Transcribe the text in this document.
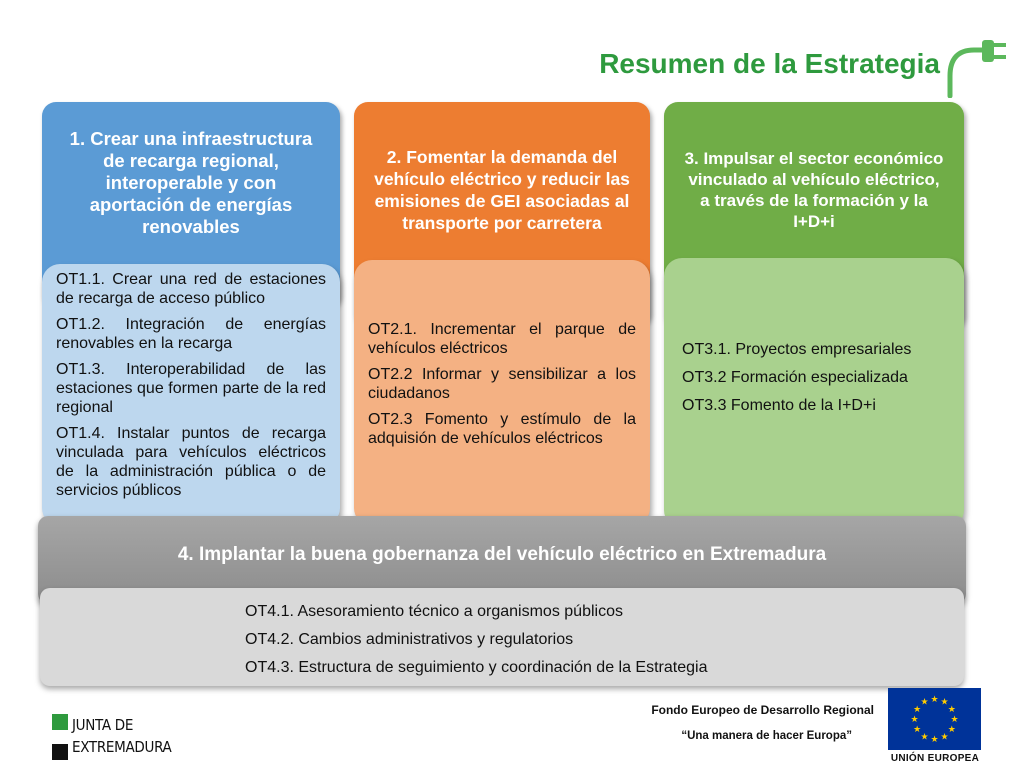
Resumen de la Estrategia
1. Crear una infraestructura
de recarga regional,
interoperable y con
aportación de energías
renovables

OT1.1. Crear una red de estaciones de recarga de acceso público

OT1.2. Integración de energías renovables en la recarga

OT1.3. Interoperabilidad de las estaciones que formen parte de la red regional

OT1.4. Instalar puntos de recarga vinculada para vehículos eléctricos de la administración pública o de servicios públicos

2. Fomentar la demanda del
vehículo eléctrico y reducir las
emisiones de GEI asociadas al
transporte por carretera

OT2.1. Incrementar el parque de vehículos eléctricos

OT2.2 Informar y sensibilizar a los ciudadanos

OT2.3 Fomento y estímulo de la adquisión de vehículos eléctricos

3. Impulsar el sector económico
vinculado al vehículo eléctrico,
a través de la formación y la
I+D+i

OT3.1. Proyectos empresariales

OT3.2 Formación especializada

OT3.3 Fomento de la I+D+i

4. Implantar la buena gobernanza del vehículo eléctrico en Extremadura
OT4.1. Asesoramiento técnico a organismos públicos
OT4.2. Cambios administrativos y regulatorios
OT4.3. Estructura de seguimiento y coordinación de la Estrategia
JUNTA DE
EXTREMADURA
Fondo Europeo de Desarrollo Regional
“Una manera de hacer Europa”
★ ★
★
★
★
★
★
★
★
★
★
★
UNIÓN EUROPEA
